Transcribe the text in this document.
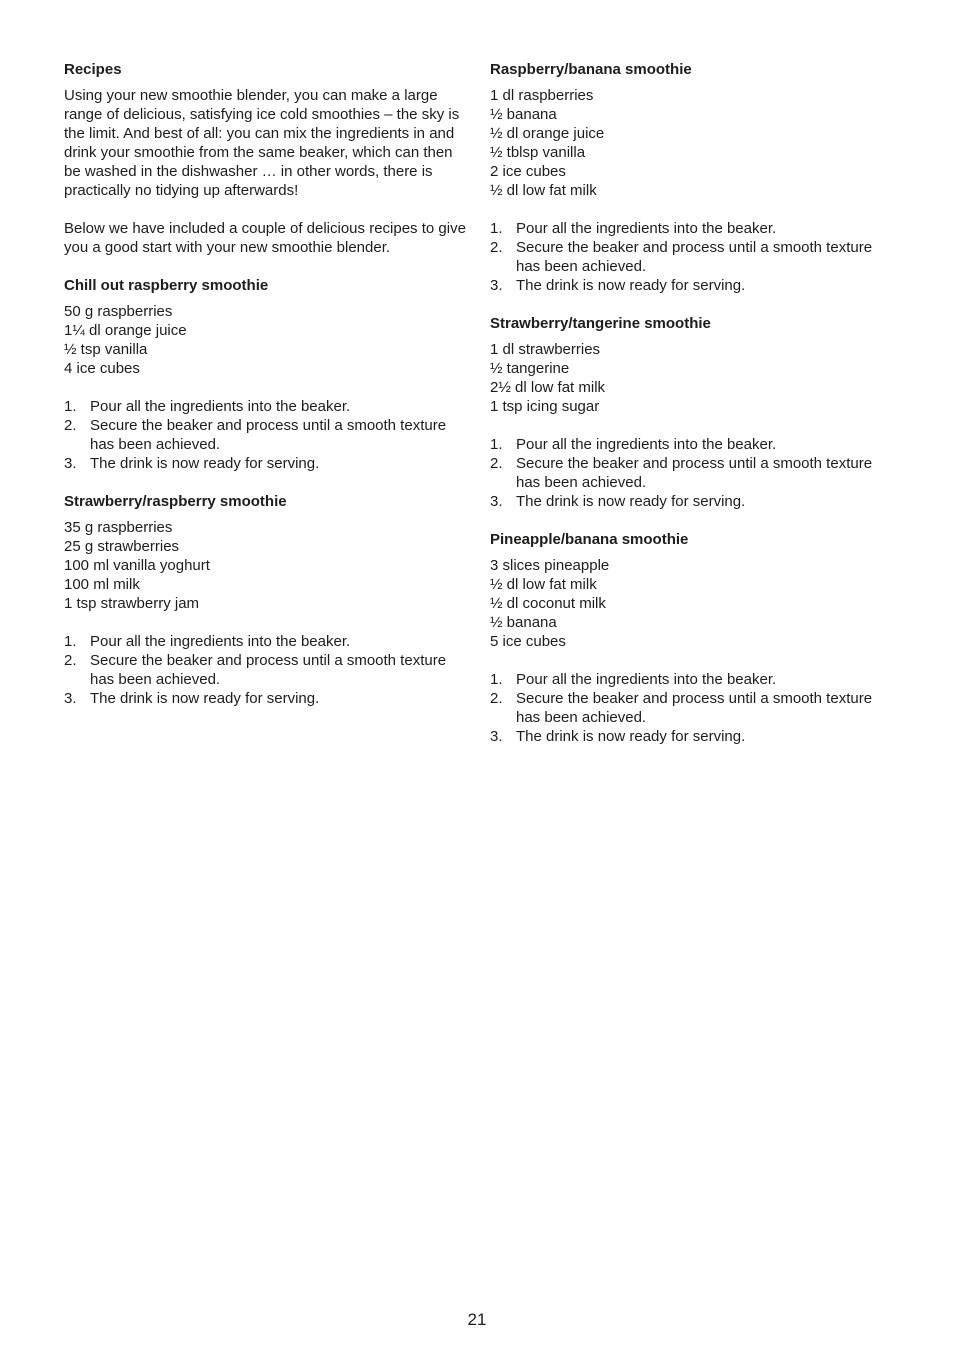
Recipes

Using your new smoothie blender, you can make a large range of delicious, satisfying ice cold smoothies – the sky is the limit. And best of all: you can mix the ingredients in and drink your smoothie from the same beaker, which can then be washed in the dishwasher … in other words, there is practically no tidying up afterwards!

Below we have included a couple of delicious recipes to give you a good start with your new smoothie blender.

Chill out raspberry smoothie
50 g raspberries
1¼ dl orange juice
½ tsp vanilla
4 ice cubes
1. Pour all the ingredients into the beaker.
2. Secure the beaker and process until a smooth texture has been achieved.
3. The drink is now ready for serving.
Strawberry/raspberry smoothie
35 g raspberries
25 g strawberries
100 ml vanilla yoghurt
100 ml milk
1 tsp strawberry jam
1. Pour all the ingredients into the beaker.
2. Secure the beaker and process until a smooth texture has been achieved.
3. The drink is now ready for serving.
Raspberry/banana smoothie
1 dl raspberries
½ banana
½ dl orange juice
½ tblsp vanilla
2 ice cubes
½ dl low fat milk
1. Pour all the ingredients into the beaker.
2. Secure the beaker and process until a smooth texture has been achieved.
3. The drink is now ready for serving.
Strawberry/tangerine smoothie
1 dl strawberries
½ tangerine
2½ dl low fat milk
1 tsp icing sugar
1. Pour all the ingredients into the beaker.
2. Secure the beaker and process until a smooth texture has been achieved.
3. The drink is now ready for serving.
Pineapple/banana smoothie
3 slices pineapple
½ dl low fat milk
½ dl coconut milk
½ banana
5 ice cubes
1. Pour all the ingredients into the beaker.
2. Secure the beaker and process until a smooth texture has been achieved.
3. The drink is now ready for serving.
21
